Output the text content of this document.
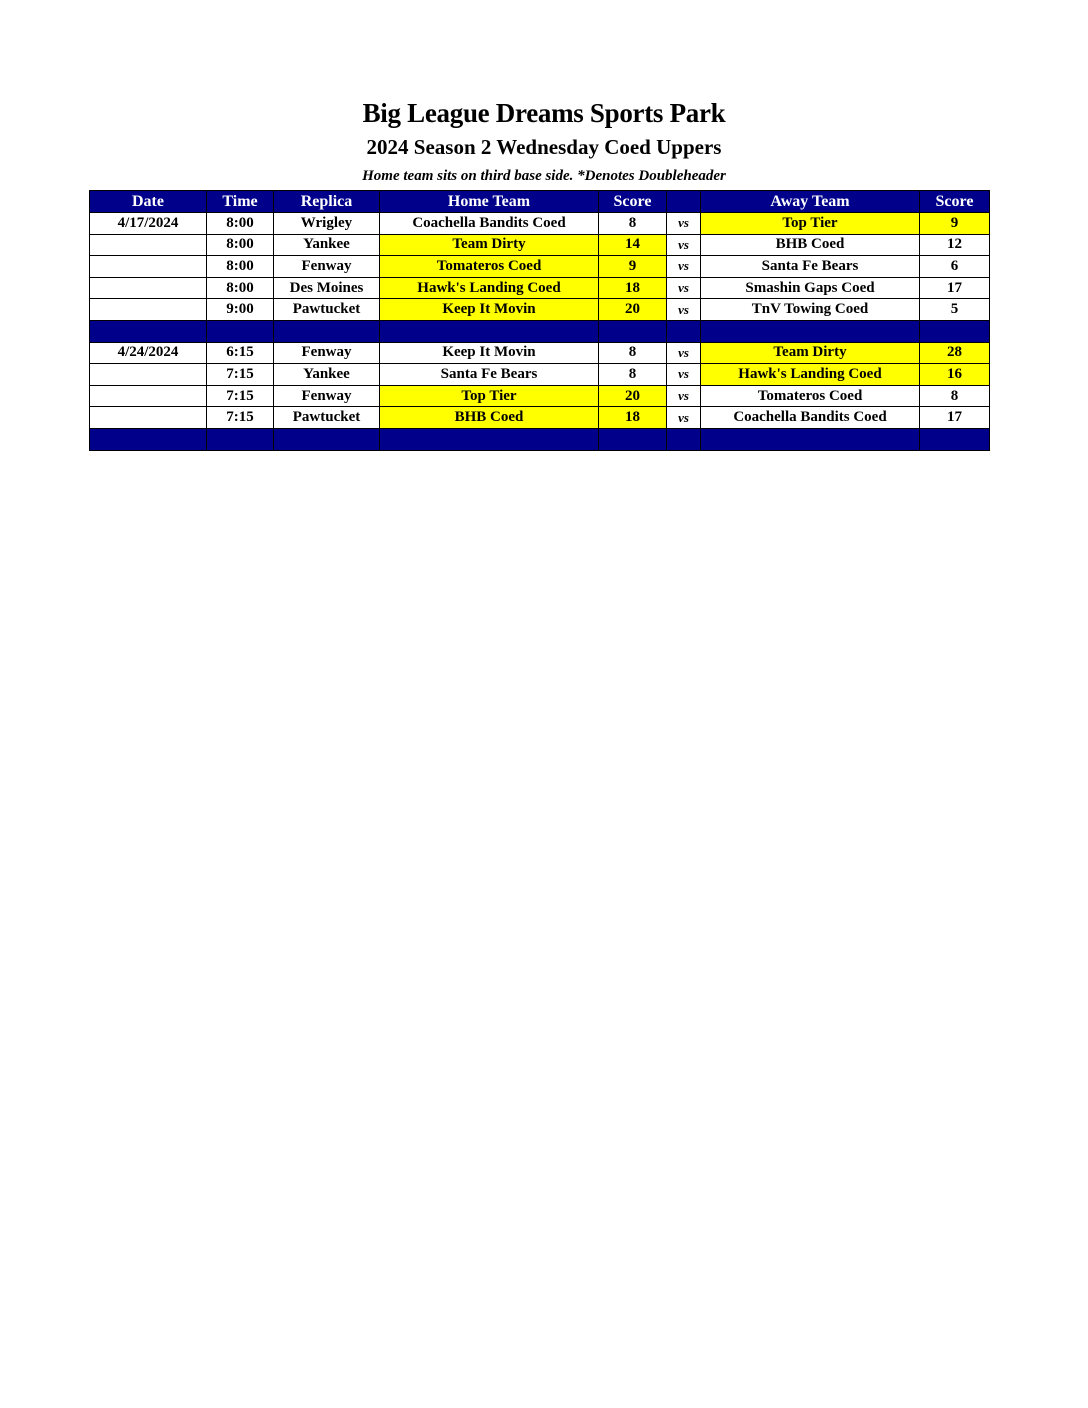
Big League Dreams Sports Park
2024 Season 2 Wednesday Coed Uppers
Home team sits on third base side. *Denotes Doubleheader
Date	Time	Replica	Home Team	Score		Away Team	Score
4/17/2024	8:00	Wrigley	Coachella Bandits Coed	8	vs	Top Tier	9
	8:00	Yankee	Team Dirty	14	vs	BHB Coed	12
	8:00	Fenway	Tomateros Coed	9	vs	Santa Fe Bears	6
	8:00	Des Moines	Hawk's Landing Coed	18	vs	Smashin Gaps Coed	17
	9:00	Pawtucket	Keep It Movin	20	vs	TnV Towing Coed	5

4/24/2024	6:15	Fenway	Keep It Movin	8	vs	Team Dirty	28
	7:15	Yankee	Santa Fe Bears	8	vs	Hawk's Landing Coed	16
	7:15	Fenway	Top Tier	20	vs	Tomateros Coed	8
	7:15	Pawtucket	BHB Coed	18	vs	Coachella Bandits Coed	17
